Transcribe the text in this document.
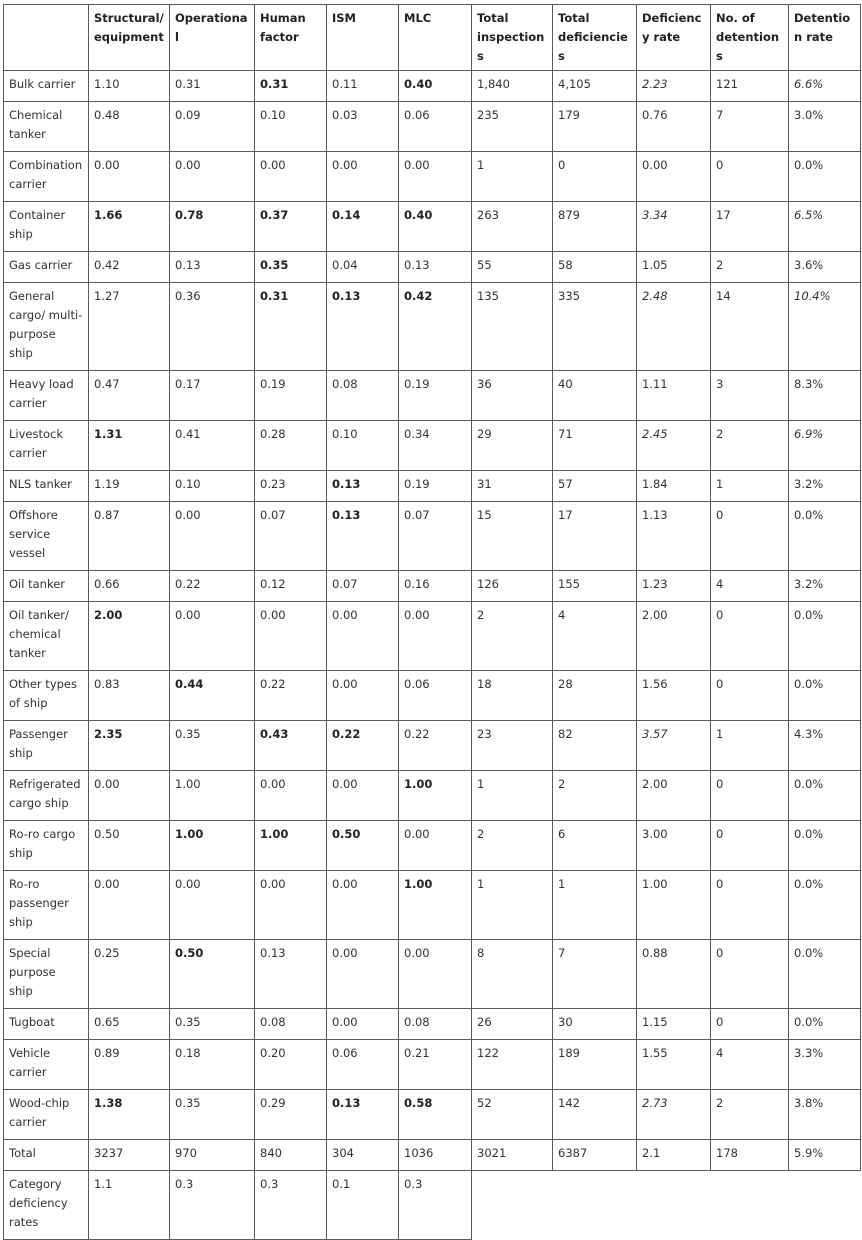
	Structural/ equipment	Operational	Human factor	ISM	MLC	Total inspections	Total deficiencies	Deficiency rate	No. of detentions	Detention rate
Bulk carrier	1.10	0.31	0.31	0.11	0.40	1,840	4,105	2.23	121	6.6%
Chemical tanker	0.48	0.09	0.10	0.03	0.06	235	179	0.76	7	3.0%
Combination carrier	0.00	0.00	0.00	0.00	0.00	1	0	0.00	0	0.0%
Container ship	1.66	0.78	0.37	0.14	0.40	263	879	3.34	17	6.5%
Gas carrier	0.42	0.13	0.35	0.04	0.13	55	58	1.05	2	3.6%
General cargo/ multi-purpose ship	1.27	0.36	0.31	0.13	0.42	135	335	2.48	14	10.4%
Heavy load carrier	0.47	0.17	0.19	0.08	0.19	36	40	1.11	3	8.3%
Livestock carrier	1.31	0.41	0.28	0.10	0.34	29	71	2.45	2	6.9%
NLS tanker	1.19	0.10	0.23	0.13	0.19	31	57	1.84	1	3.2%
Offshore service vessel	0.87	0.00	0.07	0.13	0.07	15	17	1.13	0	0.0%
Oil tanker	0.66	0.22	0.12	0.07	0.16	126	155	1.23	4	3.2%
Oil tanker/ chemical tanker	2.00	0.00	0.00	0.00	0.00	2	4	2.00	0	0.0%
Other types of ship	0.83	0.44	0.22	0.00	0.06	18	28	1.56	0	0.0%
Passenger ship	2.35	0.35	0.43	0.22	0.22	23	82	3.57	1	4.3%
Refrigerated cargo ship	0.00	1.00	0.00	0.00	1.00	1	2	2.00	0	0.0%
Ro-ro cargo ship	0.50	1.00	1.00	0.50	0.00	2	6	3.00	0	0.0%
Ro-ro passenger ship	0.00	0.00	0.00	0.00	1.00	1	1	1.00	0	0.0%
Special purpose ship	0.25	0.50	0.13	0.00	0.00	8	7	0.88	0	0.0%
Tugboat	0.65	0.35	0.08	0.00	0.08	26	30	1.15	0	0.0%
Vehicle carrier	0.89	0.18	0.20	0.06	0.21	122	189	1.55	4	3.3%
Wood-chip carrier	1.38	0.35	0.29	0.13	0.58	52	142	2.73	2	3.8%
Total	3237	970	840	304	1036	3021	6387	2.1	178	5.9%
Category deficiency rates	1.1	0.3	0.3	0.1	0.3					
